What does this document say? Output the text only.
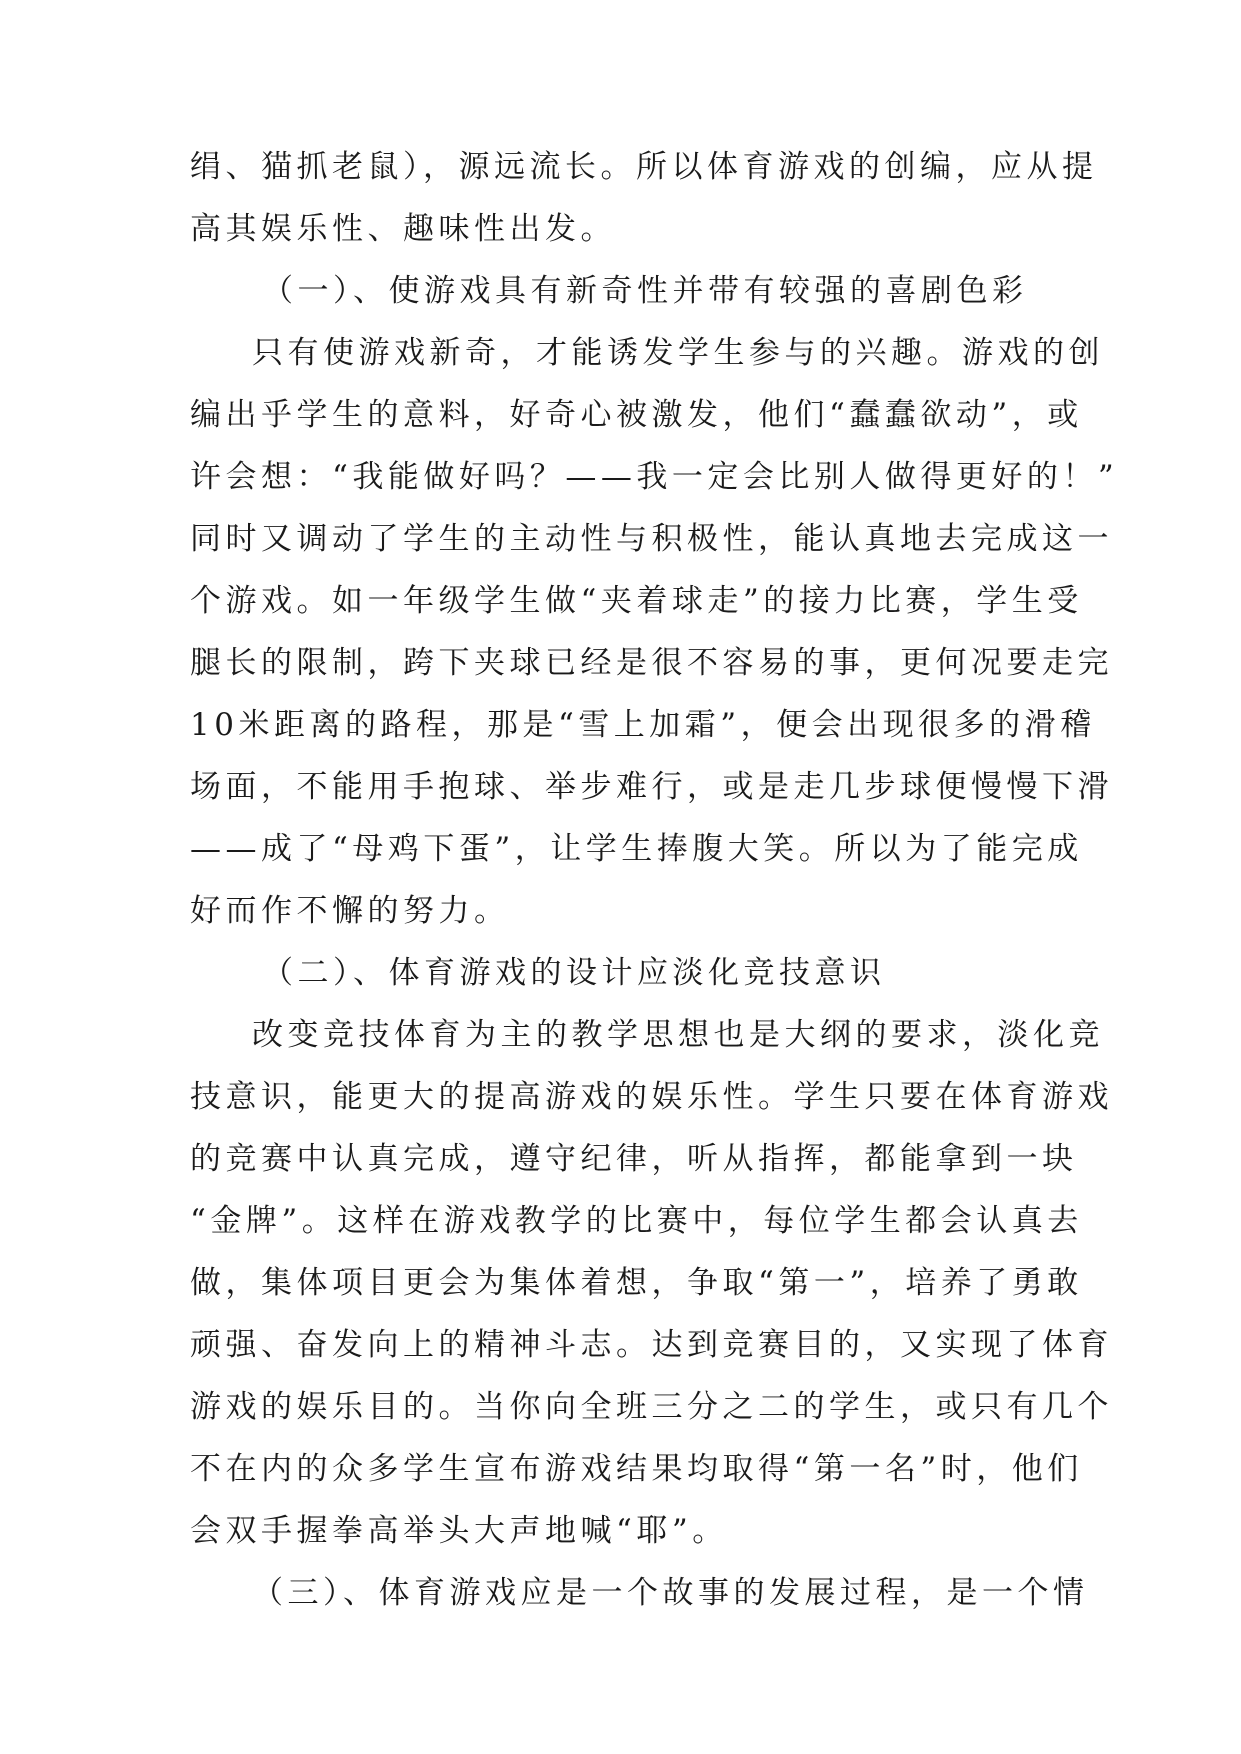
绢、猫抓老鼠），源远流长。所以体育游戏的创编，应从提
高其娱乐性、趣味性出发。
（一）、使游戏具有新奇性并带有较强的喜剧色彩
只有使游戏新奇，才能诱发学生参与的兴趣。游戏的创
编出乎学生的意料，好奇心被激发，他们“蠢蠢欲动”，或
许会想：“我能做好吗？——我一定会比别人做得更好的！”
同时又调动了学生的主动性与积极性，能认真地去完成这一
个游戏。如一年级学生做“夹着球走”的接力比赛，学生受
腿长的限制，跨下夹球已经是很不容易的事，更何况要走完
10米距离的路程，那是“雪上加霜”，便会出现很多的滑稽
场面，不能用手抱球、举步难行，或是走几步球便慢慢下滑
——成了“母鸡下蛋”，让学生捧腹大笑。所以为了能完成
好而作不懈的努力。
（二）、体育游戏的设计应淡化竞技意识
改变竞技体育为主的教学思想也是大纲的要求，淡化竞
技意识，能更大的提高游戏的娱乐性。学生只要在体育游戏
的竞赛中认真完成，遵守纪律，听从指挥，都能拿到一块
“金牌”。这样在游戏教学的比赛中，每位学生都会认真去
做，集体项目更会为集体着想，争取“第一”，培养了勇敢
顽强、奋发向上的精神斗志。达到竞赛目的，又实现了体育
游戏的娱乐目的。当你向全班三分之二的学生，或只有几个
不在内的众多学生宣布游戏结果均取得“第一名”时，他们
会双手握拳高举头大声地喊“耶”。
（三）、体育游戏应是一个故事的发展过程，是一个情
